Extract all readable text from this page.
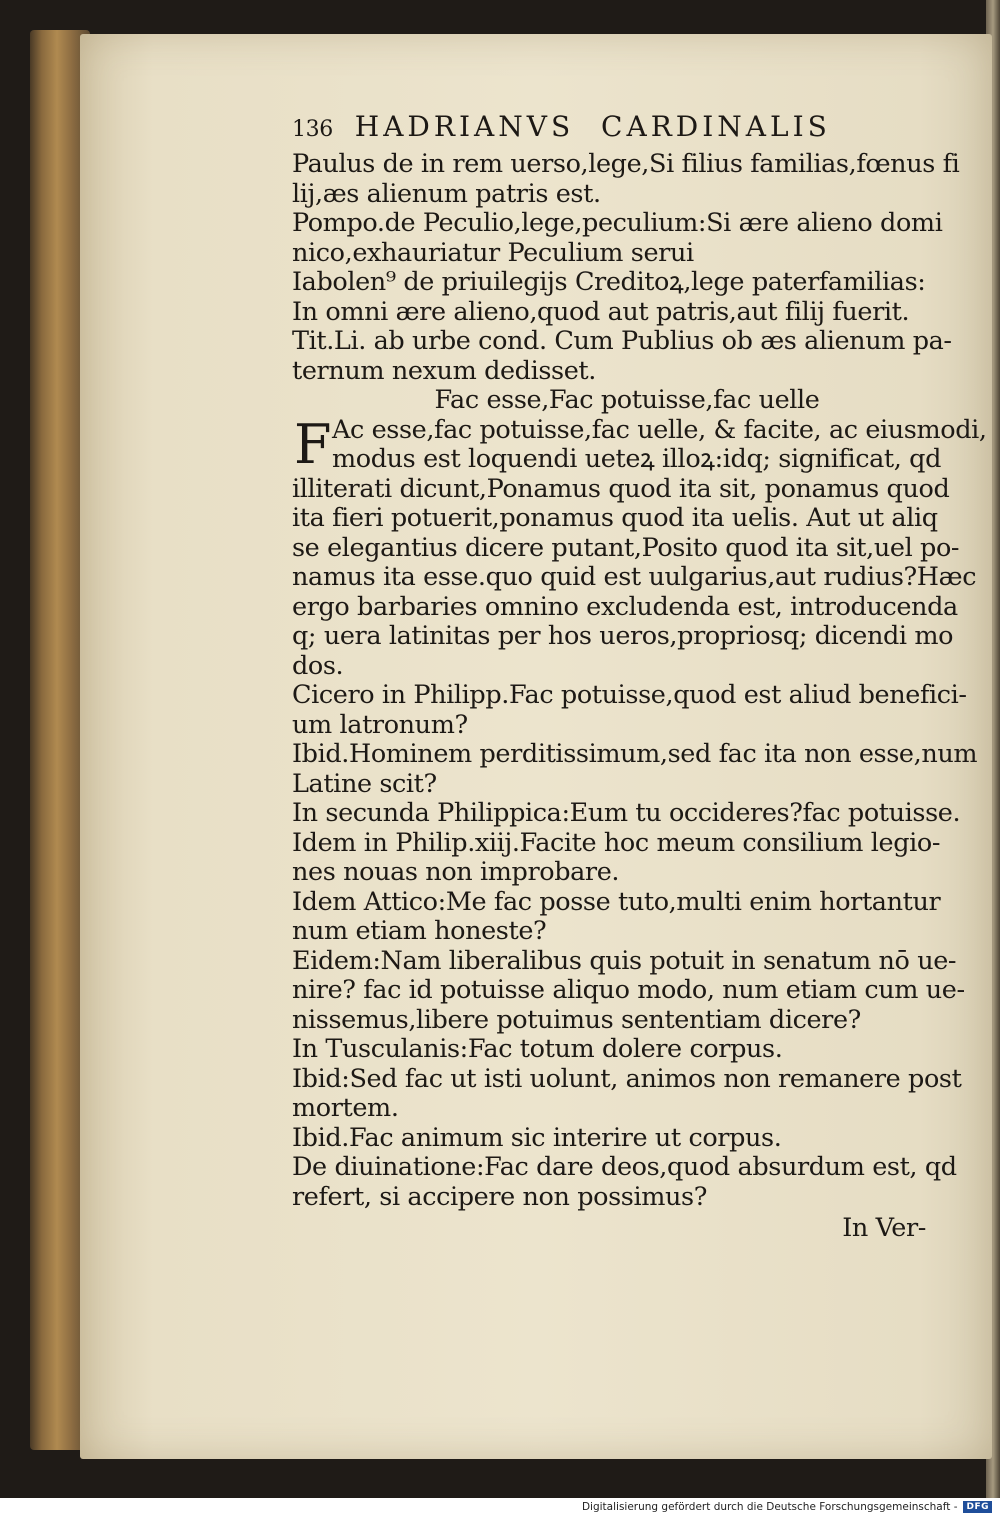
136 HADRIANVS CARDINALIS
Paulus de in rem uerso,lege,Si filius familias,fœnus fi
lij,æs alienum patris est.
Pompo.de Peculio,lege,peculium:Si ære alieno domi
nico,exhauriatur Peculium serui
Iabolen⁹ de priuilegijs Creditoꝝ,lege paterfamilias:
In omni ære alieno,quod aut patris,aut filij fuerit.
Tit.Li. ab urbe cond. Cum Publius ob æs alienum pa-
ternum nexum dedisset.
Fac esse,Fac potuisse,fac uelle
F Ac esse,fac potuisse,fac uelle, & facite, ac eiusmodi,
modus est loquendi ueteꝝ illoꝝ:idq; significat, qd
illiterati dicunt,Ponamus quod ita sit, ponamus quod
ita fieri potuerit,ponamus quod ita uelis. Aut ut aliq
se elegantius dicere putant,Posito quod ita sit,uel po-
namus ita esse.quo quid est uulgarius,aut rudius?Hæc
ergo barbaries omnino excludenda est, introducenda
q; uera latinitas per hos ueros,propriosq; dicendi mo
dos.
Cicero in Philipp.Fac potuisse,quod est aliud benefici-
um latronum?
Ibid.Hominem perditissimum,sed fac ita non esse,num
Latine scit?
In secunda Philippica:Eum tu occideres?fac potuisse.
Idem in Philip.xiij.Facite hoc meum consilium legio-
nes nouas non improbare.
Idem Attico:Me fac posse tuto,multi enim hortantur
num etiam honeste?
Eidem:Nam liberalibus quis potuit in senatum nō ue-
nire? fac id potuisse aliquo modo, num etiam cum ue-
nissemus,libere potuimus sententiam dicere?
In Tusculanis:Fac totum dolere corpus.
Ibid:Sed fac ut isti uolunt, animos non remanere post
mortem.
Ibid.Fac animum sic interire ut corpus.
De diuinatione:Fac dare deos,quod absurdum est, qd
refert, si accipere non possimus?
In Ver-
Digitalisierung gefördert durch die Deutsche Forschungsgemeinschaft -	DFG
